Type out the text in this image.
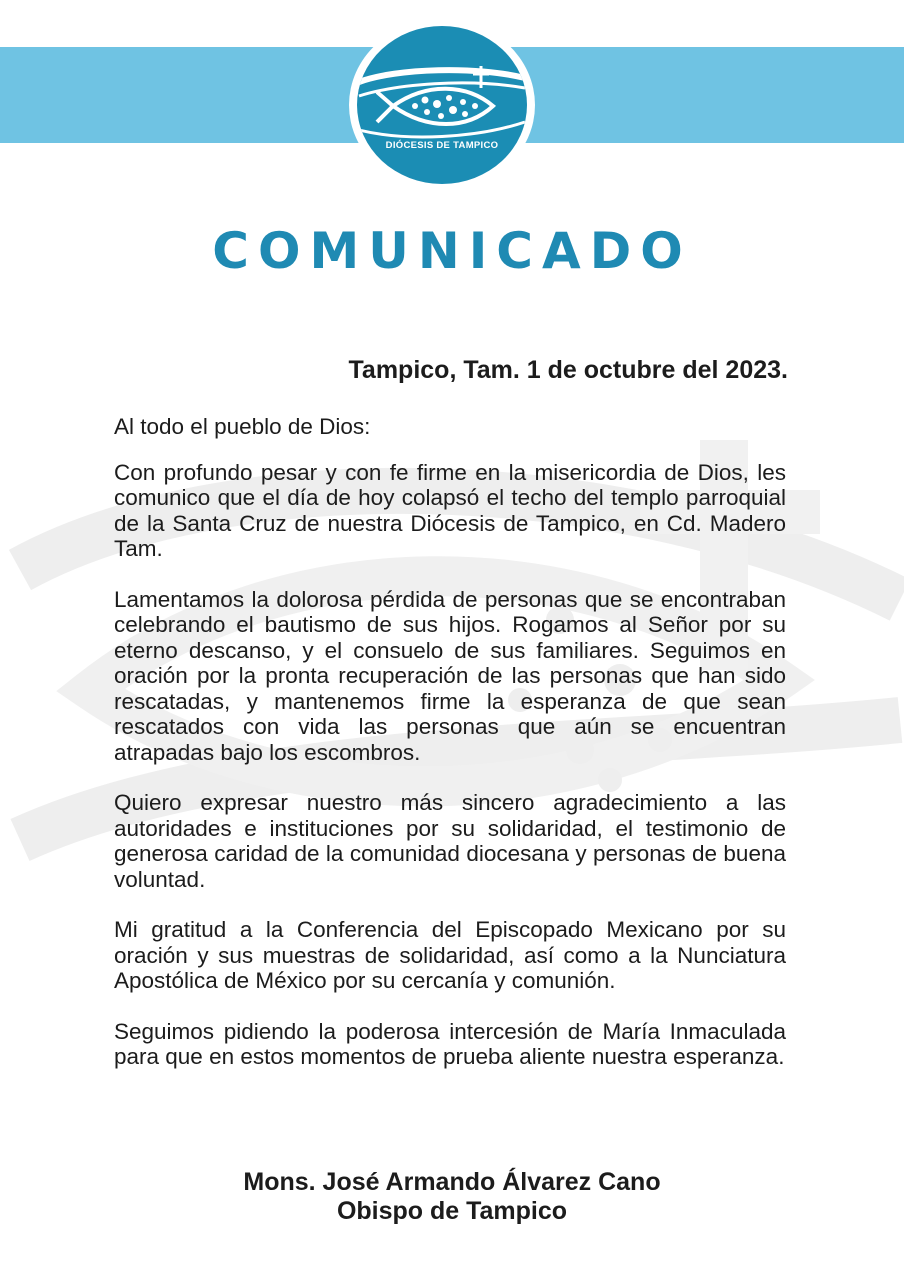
DIÓCESIS DE TAMPICO
COMUNICADO
Tampico, Tam. 1 de octubre del 2023.

Al todo el pueblo de Dios:

Con profundo pesar y con fe firme en la misericordia de Dios, les comunico que el día de hoy colapsó el techo del templo parroquial de la Santa Cruz de nuestra Diócesis de Tampico, en Cd. Madero Tam.

Lamentamos la dolorosa pérdida de personas que se encontraban celebrando el bautismo de sus hijos. Rogamos al Señor por su eterno descanso, y el consuelo de sus familiares. Seguimos en oración por la pronta recuperación de las personas que han sido rescatadas, y mantenemos firme la esperanza de que sean rescatados con vida las personas que aún se encuentran atrapadas bajo los escombros.

Quiero expresar nuestro más sincero agradecimiento a las autoridades e instituciones por su solidaridad, el testimonio de generosa caridad de la comunidad diocesana y personas de buena voluntad.

Mi gratitud a la Conferencia del Episcopado Mexicano por su oración y sus muestras de solidaridad, así como a la Nunciatura Apostólica de México por su cercanía y comunión.

Seguimos pidiendo la poderosa intercesión de María Inmaculada para que en estos momentos de prueba aliente nuestra esperanza.

Mons. José Armando Álvarez Cano
Obispo de Tampico
